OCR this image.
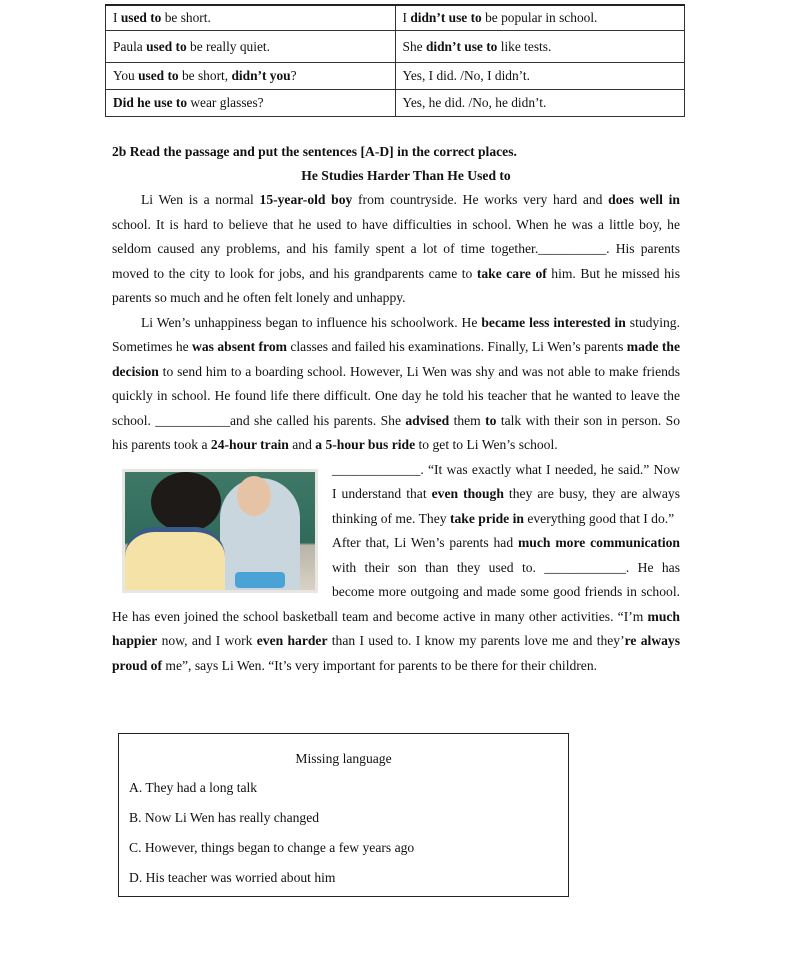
I used to be short.	I didn’t use to be popular in school.
Paula used to be really quiet.	She didn’t use to like tests.
You used to be short, didn’t you?	Yes, I did. /No, I didn’t.
Did he use to wear glasses?	Yes, he did. /No, he didn’t.
2b Read the passage and put the sentences [A-D] in the correct places.
He Studies Harder Than He Used to

Li Wen is a normal 15-year-old boy from countryside. He works very hard and does well in school. It is hard to believe that he used to have difficulties in school. When he was a little boy, he seldom caused any problems, and his family spent a lot of time together.__________. His parents moved to the city to look for jobs, and his grandparents came to take care of him. But he missed his parents so much and he often felt lonely and unhappy.

Li Wen’s unhappiness began to influence his schoolwork. He became less interested in studying. Sometimes he was absent from classes and failed his examinations. Finally, Li Wen’s parents made the decision to send him to a boarding school. However, Li Wen was shy and was not able to make friends quickly in school. He found life there difficult. One day he told his teacher that he wanted to leave the school. ___________and she called his parents. She advised them to talk with their son in person. So his parents took a 24-hour train and a 5-hour bus ride to get to Li Wen’s school.

_____________. “It was exactly what I needed, he said.” Now I understand that even though they are busy, they are always thinking of me. They take pride in everything good that I do.”

After that, Li Wen’s parents had much more communication with their son than they used to. ____________. He has become more outgoing and made some good friends in school. He has even joined the school basketball team and become active in many other activities. “I’m much happier now, and I work even harder than I used to. I know my parents love me and they’re always proud of me”, says Li Wen. “It’s very important for parents to be there for their children.

Missing language
A. They had a long talk
B. Now Li Wen has really changed
C. However, things began to change a few years ago
D. His teacher was worried about him
